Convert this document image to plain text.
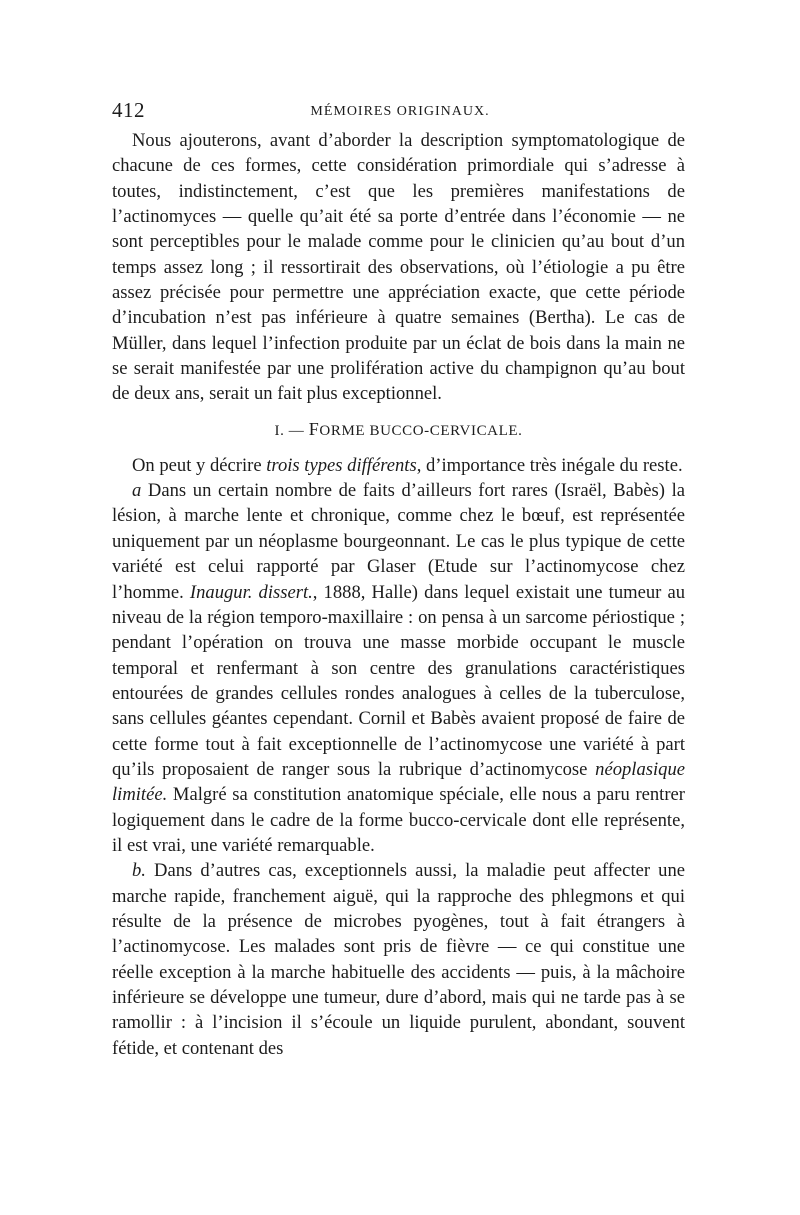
412	MÉMOIRES ORIGINAUX.

Nous ajouterons, avant d’aborder la description symptomatologique de chacune de ces formes, cette considération primordiale qui s’adresse à toutes, indistinctement, c’est que les premières manifestations de l’actinomyces — quelle qu’ait été sa porte d’entrée dans l’économie — ne sont perceptibles pour le malade comme pour le clinicien qu’au bout d’un temps assez long ; il ressortirait des observations, où l’étiologie a pu être assez précisée pour permettre une appréciation exacte, que cette période d’incubation n’est pas inférieure à quatre semaines (Bertha). Le cas de Müller, dans lequel l’infection produite par un éclat de bois dans la main ne se serait manifestée par une prolifération active du champignon qu’au bout de deux ans, serait un fait plus exceptionnel.

I. — FORME BUCCO-CERVICALE.

On peut y décrire trois types différents, d’importance très inégale du reste.

a Dans un certain nombre de faits d’ailleurs fort rares (Israël, Babès) la lésion, à marche lente et chronique, comme chez le bœuf, est représentée uniquement par un néoplasme bourgeonnant. Le cas le plus typique de cette variété est celui rapporté par Glaser (Etude sur l’actinomycose chez l’homme. Inaugur. dissert., 1888, Halle) dans lequel existait une tumeur au niveau de la région temporo-maxillaire : on pensa à un sarcome périostique ; pendant l’opération on trouva une masse morbide occupant le muscle temporal et renfermant à son centre des granulations caractéristiques entourées de grandes cellules rondes analogues à celles de la tuberculose, sans cellules géantes cependant. Cornil et Babès avaient proposé de faire de cette forme tout à fait exceptionnelle de l’actinomycose une variété à part qu’ils proposaient de ranger sous la rubrique d’actinomycose néoplasique limitée. Malgré sa constitution anatomique spéciale, elle nous a paru rentrer logiquement dans le cadre de la forme bucco-cervicale dont elle représente, il est vrai, une variété remarquable.

b. Dans d’autres cas, exceptionnels aussi, la maladie peut affecter une marche rapide, franchement aiguë, qui la rapproche des phlegmons et qui résulte de la présence de microbes pyogènes, tout à fait étrangers à l’actinomycose. Les malades sont pris de fièvre — ce qui constitue une réelle exception à la marche habituelle des accidents — puis, à la mâchoire inférieure se développe une tumeur, dure d’abord, mais qui ne tarde pas à se ramollir : à l’incision il s’écoule un liquide purulent, abondant, souvent fétide, et contenant des
